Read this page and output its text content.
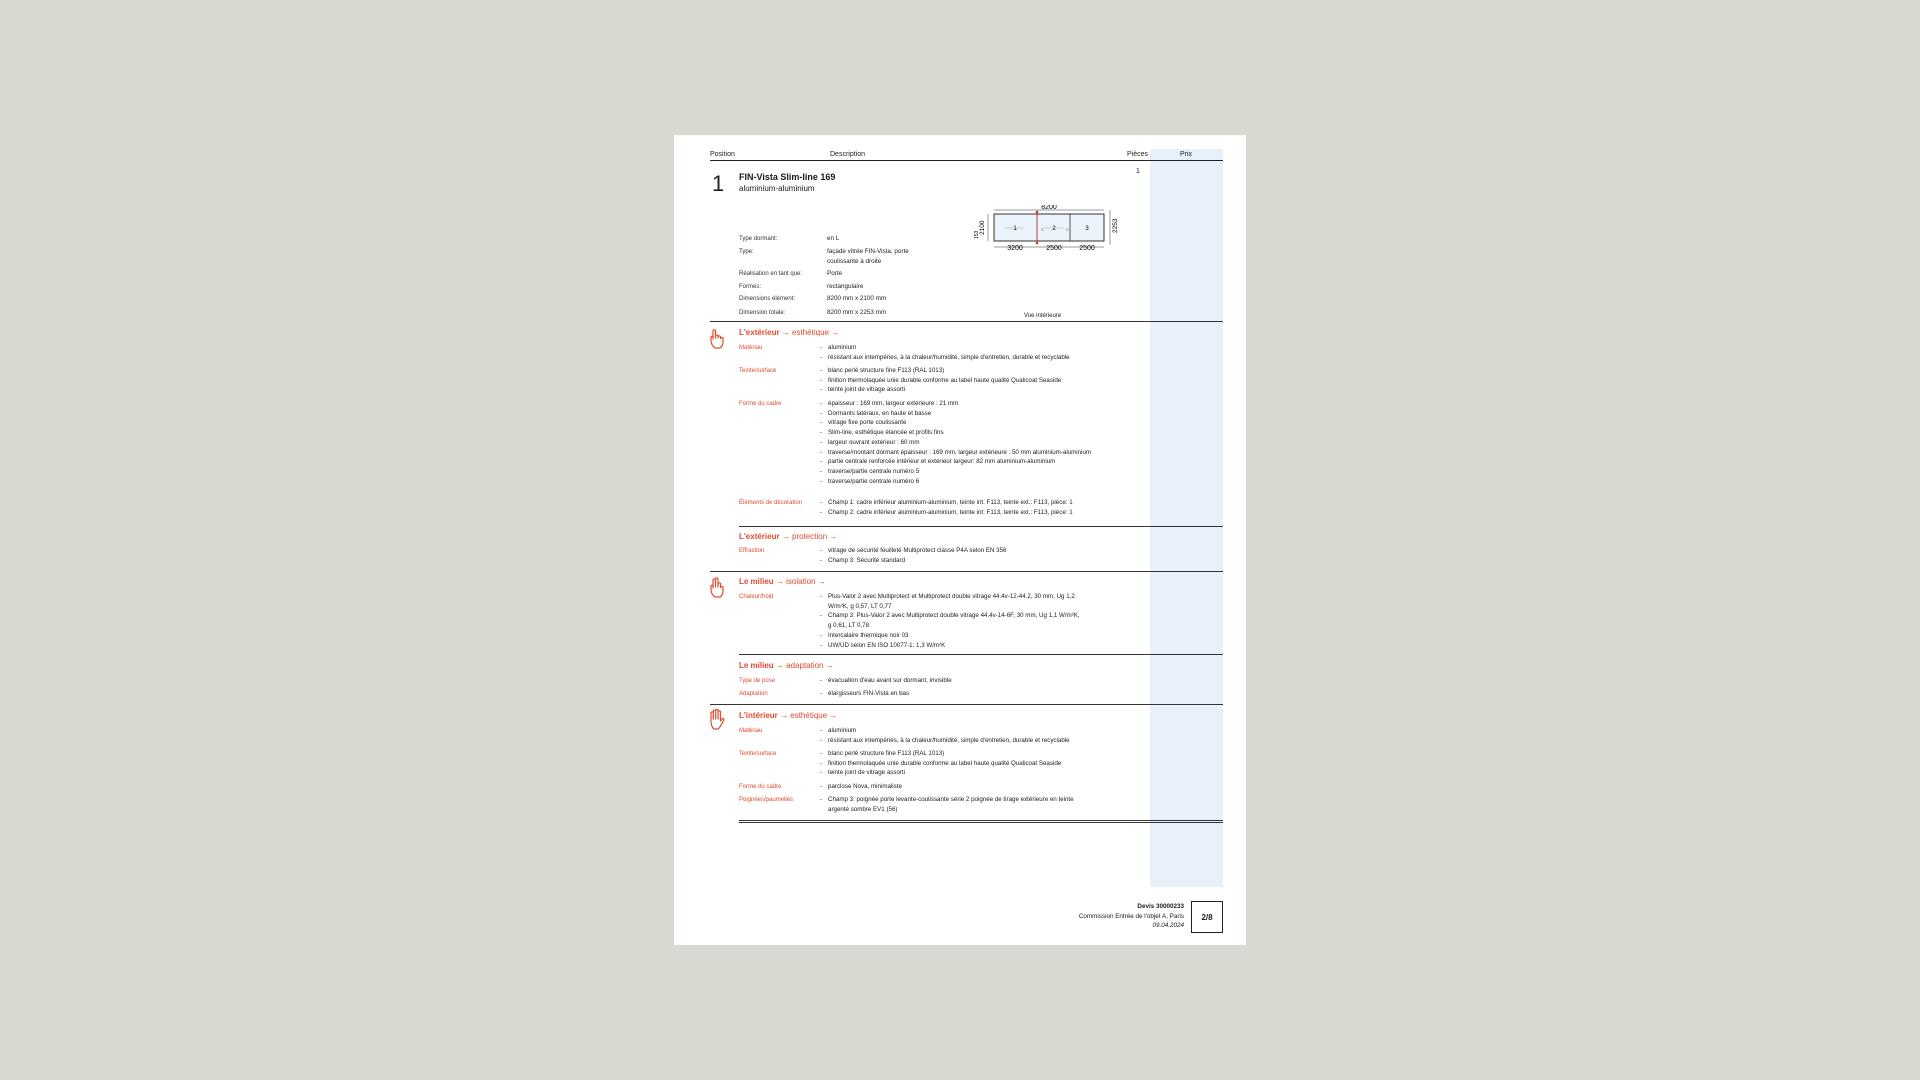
Position	Description	Pièces	Prix
1 FIN-Vista Slim-line 169
aluminium-aluminium
1
Type dormant:	en L
Type:	façade vitrée FIN-Vista, porte coulissante à droite
Réalisation en tant que:	Porte
Formes:	rectangulaire
Dimensions élément:	8200 mm x 2100 mm
Dimension totale:	8200 mm x 2253 mm
8200
S	S
1	2	3
2100
153
2253
3200	2500 2500
Vue intérieure
L'extérieur → esthétique →
Matériau	- aluminium
- résistant aux intempéries, à la chaleur/humidité, simple d'entretien, durable et recyclable
Teinte/surface	- blanc perlé structure fine F113 (RAL 1013)
- finition thermolaquée unie durable conforme au label haute qualité Qualicoat Seaside
- teinte joint de vitrage assorti
Forme du cadre	- épaisseur : 169 mm, largeur extérieure : 21 mm
- Dormants latéraux, en haute et basse
- vitrage fixe porte coulissante
- Slim-line, esthétique élancée et profils fins
- largeur ouvrant extérieur : 60 mm
- traverse/montant dormant épaisseur : 169 mm, largeur extérieure : 50 mm aluminium-aluminium
- partie centrale renforcée intérieur et extérieur largeur: 82 mm aluminium-aluminium
- traverse/partie centrale numéro 5
- traverse/partie centrale numéro 6
Éléments de décoration	- Champ 1: cadre inférieur aluminium-aluminium, teinte int: F113, teinte ext.: F113, pièce: 1
- Champ 2: cadre inférieur aluminium-aluminium, teinte int: F113, teinte ext.: F113, pièce: 1
L'extérieur → protection →
Effraction	- vitrage de sécurité feuilleté Multiprotect classe P4A selon EN 356
- Champ 3: Sécurité standard
Le milieu → isolation →
Chaleur/froid	- Plus-Valor 2 avec Multiprotect et Multiprotect double vitrage 44.4v-12-44.2, 30 mm, Ug 1,2 W/m²K, g 0,57, LT 0,77
- Champ 3: Plus-Valor 2 avec Multiprotect double vitrage 44.4v-14-6F, 30 mm, Ug 1,1 W/m²K, g 0,61, LT 0,78
- Intercalaire thermique noir 03
- UW/UD selon EN ISO 10077-1: 1,3 W/m²K
Le milieu → adaptation →
Type de pose	- évacuation d'eau avant sur dormant, invisible
Adaptation	- élargisseurs FIN-Vista en bas
L'intérieur → esthétique →
Matériau	- aluminium
- résistant aux intempéries, à la chaleur/humidité, simple d'entretien, durable et recyclable
Teinte/surface	- blanc perlé structure fine F113 (RAL 1013)
- finition thermolaquée unie durable conforme au label haute qualité Qualicoat Seaside
- teinte joint de vitrage assorti
Forme du cadre	- parclose Nova, minimaliste
Poignées/paumelles	- Champ 3: poignée porte levante-coulissante série 2 poignée de tirage extérieure en teinte argenté sombre EV1 (56)
Devis 30000233
Commission Entrée de l'objet A, Paris
09.04.2024
2/8
